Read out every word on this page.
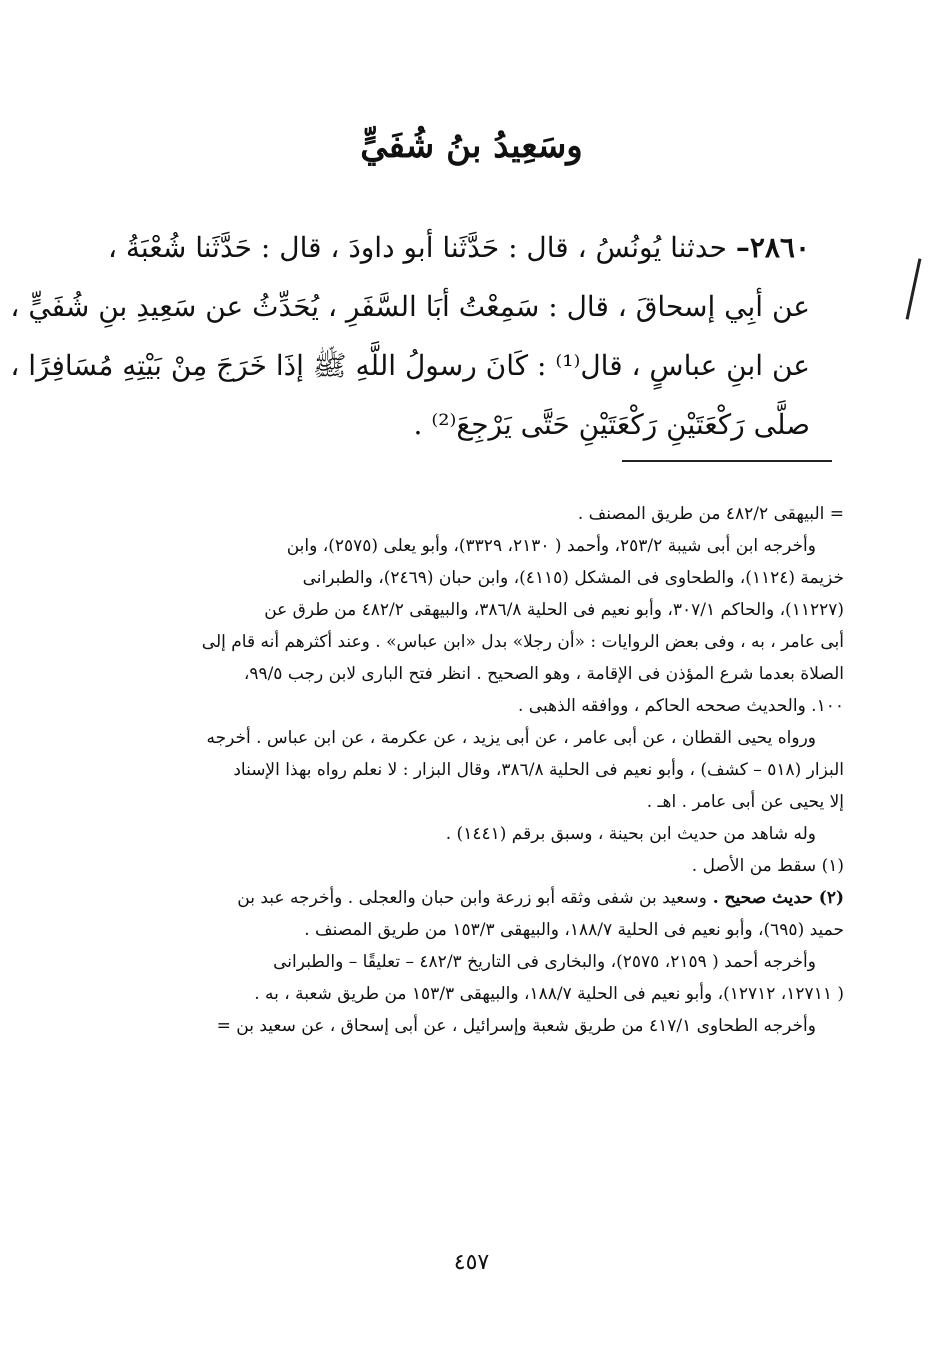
وسَعِيدُ بنُ شُفَيٍّ
٢٨٦٠– حدثنا يُونُسُ ، قال : حَدَّثَنا أبو داودَ ، قال : حَدَّثَنا شُعْبَةُ ،
عن أبِي إسحاقَ ، قال : سَمِعْتُ أبَا السَّفَرِ ، يُحَدِّثُ عن سَعِيدِ بنِ شُفَيٍّ ،
عن ابنِ عباسٍ ، قال⁽¹⁾ : كَانَ رسولُ اللَّهِ ﷺ إذَا خَرَجَ مِنْ بَيْتِهِ مُسَافِرًا ،
صلَّى رَكْعَتَيْنِ رَكْعَتَيْنِ حَتَّى يَرْجِعَ⁽²⁾ .
= البيهقى ٤٨٢/٢ من طريق المصنف .
وأخرجه ابن أبى شيبة ٢٥٣/٢، وأحمد ( ٢١٣٠، ٣٣٢٩)، وأبو يعلى (٢٥٧٥)، وابن
خزيمة (١١٢٤)، والطحاوى فى المشكل (٤١١٥)، وابن حبان (٢٤٦٩)، والطبرانى
(١١٢٢٧)، والحاكم ٣٠٧/١، وأبو نعيم فى الحلية ٣٨٦/٨، والبيهقى ٤٨٢/٢ من طرق عن
أبى عامر ، به ، وفى بعض الروايات : «أن رجلا» بدل «ابن عباس» . وعند أكثرهم أنه قام إلى
الصلاة بعدما شرع المؤذن فى الإقامة ، وهو الصحيح . انظر فتح البارى لابن رجب ٩٩/٥،
١٠٠. والحديث صححه الحاكم ، ووافقه الذهبى .
ورواه يحيى القطان ، عن أبى عامر ، عن أبى يزيد ، عن عكرمة ، عن ابن عباس . أخرجه
البزار (٥١٨ – كشف) ، وأبو نعيم فى الحلية ٣٨٦/٨، وقال البزار : لا نعلم رواه بهذا الإسناد
إلا يحيى عن أبى عامر . اهـ .
وله شاهد من حديث ابن بحينة ، وسبق برقم (١٤٤١) .
(١) سقط من الأصل .
(٢) حديث صحيح . وسعيد بن شفى وثقه أبو زرعة وابن حبان والعجلى . وأخرجه عبد بن
حميد (٦٩٥)، وأبو نعيم فى الحلية ١٨٨/٧، والبيهقى ١٥٣/٣ من طريق المصنف .
وأخرجه أحمد ( ٢١٥٩، ٢٥٧٥)، والبخارى فى التاريخ ٤٨٢/٣ – تعليقًا – والطبرانى
( ١٢٧١١، ١٢٧١٢)، وأبو نعيم فى الحلية ١٨٨/٧، والبيهقى ١٥٣/٣ من طريق شعبة ، به .
وأخرجه الطحاوى ٤١٧/١ من طريق شعبة وإسرائيل ، عن أبى إسحاق ، عن سعيد بن =
٤٥٧
